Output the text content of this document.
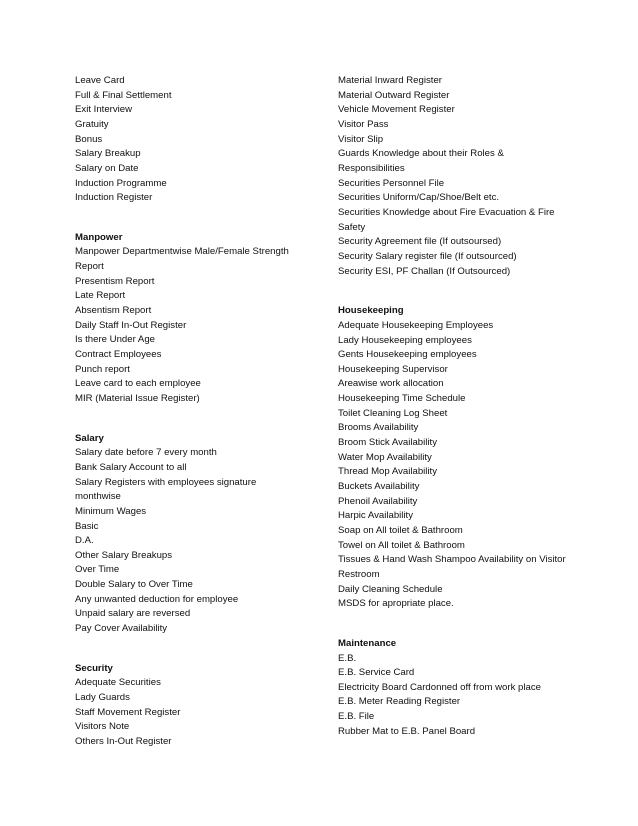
Leave Card
Full & Final Settlement
Exit Interview
Gratuity
Bonus
Salary Breakup
Salary on Date
Induction Programme
Induction Register
Manpower
Manpower Departmentwise Male/Female Strength
Report
Presentism Report
Late Report
Absentism Report
Daily Staff In-Out Register
Is there Under Age
Contract Employees
Punch report
Leave card to each employee
MIR (Material Issue Register)
Salary
Salary date before 7 every month
Bank Salary Account to all
Salary Registers with employees signature
monthwise
Minimum Wages
Basic
D.A.
Other Salary Breakups
Over Time
Double Salary to Over Time
Any unwanted deduction for employee
Unpaid salary are reversed
Pay Cover Availability
Security
Adequate Securities
Lady Guards
Staff Movement Register
Visitors Note
Others In-Out Register
Material Inward Register
Material Outward Register
Vehicle Movement Register
Visitor Pass
Visitor Slip
Guards Knowledge about their Roles &
Responsibilities
Securities Personnel File
Securities Uniform/Cap/Shoe/Belt etc.
Securities Knowledge about Fire Evacuation & Fire
Safety
Security Agreement file (If outsoursed)
Security Salary register file (If outsourced)
Security ESI, PF Challan (If Outsourced)
Housekeeping
Adequate Housekeeping Employees
Lady Housekeeping employees
Gents Housekeeping employees
Housekeeping Supervisor
Areawise work allocation
Housekeeping Time Schedule
Toilet Cleaning Log Sheet
Brooms Availability
Broom Stick Availability
Water Mop Availability
Thread Mop Availability
Buckets Availability
Phenoil Availability
Harpic Availability
Soap on All toilet & Bathroom
Towel on All toilet & Bathroom
Tissues & Hand Wash Shampoo Availability on Visitor
Restroom
Daily Cleaning Schedule
MSDS for apropriate place.
Maintenance
E.B.
E.B. Service Card
Electricity Board Cardonned off from work place
E.B. Meter Reading Register
E.B. File
Rubber Mat to E.B. Panel Board
